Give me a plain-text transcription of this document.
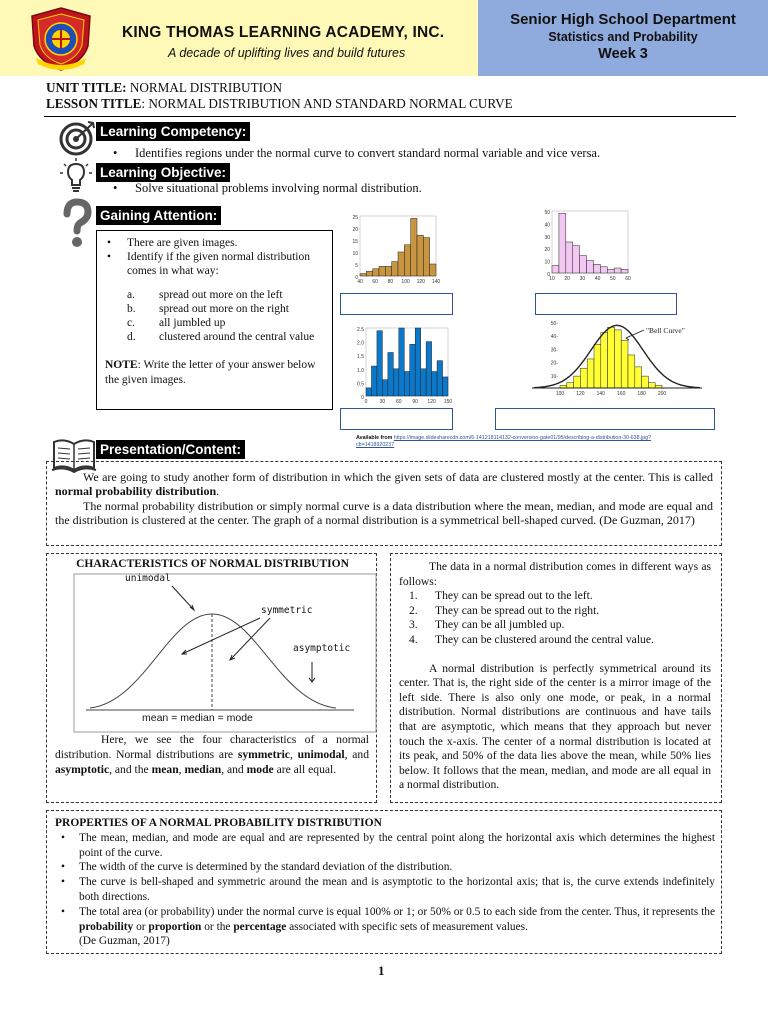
Senior High School Department
Statistics and Probability
Week 3
KING THOMAS LEARNING ACADEMY, INC.
A decade of uplifting lives and build futures
UNIT TITLE: NORMAL DISTRIBUTION
LESSON TITLE: NORMAL DISTRIBUTION AND STANDARD NORMAL CURVE
Learning Competency:
• Identifies regions under the normal curve to convert standard normal variable and vice versa.
Learning Objective:
• Solve situational problems involving normal distribution.
Gaining Attention:
• There are given images.
• Identify if the given normal distribution comes in what way:
a. spread out more on the left
b. spread out more on the right
c. all jumbled up
d. clustered around the central value
NOTE: Write the letter of your answer below the given images.
25
20
15
10
5
0
40 60 80 100 120 140
50
40
30
20
10
0
10 20 30 40 50 60
2.5
2.0
1.5
1.0
0.5
0
0 30 60 90 120 150
50-
40-
30-
20-
10-
100 120 140 160 180 200
"Bell Curve"
Available from https://image.slidesharecdn.com/6-141218114132-conversion-gate01/95/describing-a-distribution-30-638.jpg?cb=1418920237
Presentation/Content:

We are going to study another form of distribution in which the given sets of data are clustered mostly at the center. This is called normal probability distribution.

The normal probability distribution or simply normal curve is a data distribution where the mean, median, and mode are equal and the distribution is clustered at the center. The graph of a normal distribution is a symmetrical bell-shaped curved. (De Guzman, 2017)

CHARACTERISTICS OF NORMAL DISTRIBUTION
unimodal
symmetric
asymptotic
mean = median = mode
Here, we see the four characteristics of a normal distribution. Normal distributions are symmetric, unimodal, and asymptotic, and the mean, median, and mode are all equal.
The data in a normal distribution comes in different ways as follows:
1. They can be spread out to the left.
2. They can be spread out to the right.
3. They can be all jumbled up.
4. They can be clustered around the central value.
A normal distribution is perfectly symmetrical around its center. That is, the right side of the center is a mirror image of the left side. There is also only one mode, or peak, in a normal distribution. Normal distributions are continuous and have tails that are asymptotic, which means that they approach but never touch the x-axis. The center of a normal distribution is located at its peak, and 50% of the data lies above the mean, while 50% lies below. It follows that the mean, median, and mode are all equal in a normal distribution.
PROPERTIES OF A NORMAL PROBABILITY DISTRIBUTION
• The mean, median, and mode are equal and are represented by the central point along the horizontal axis which determines the highest point of the curve.
• The width of the curve is determined by the standard deviation of the distribution.
• The curve is bell-shaped and symmetric around the mean and is asymptotic to the horizontal axis; that is, the curve extends indefinitely both directions.
• The total area (or probability) under the normal curve is equal 100% or 1; or 50% or 0.5 to each side from the center. Thus, it represents the probability or proportion or the percentage associated with specific sets of measurement values.
(De Guzman, 2017)
1
